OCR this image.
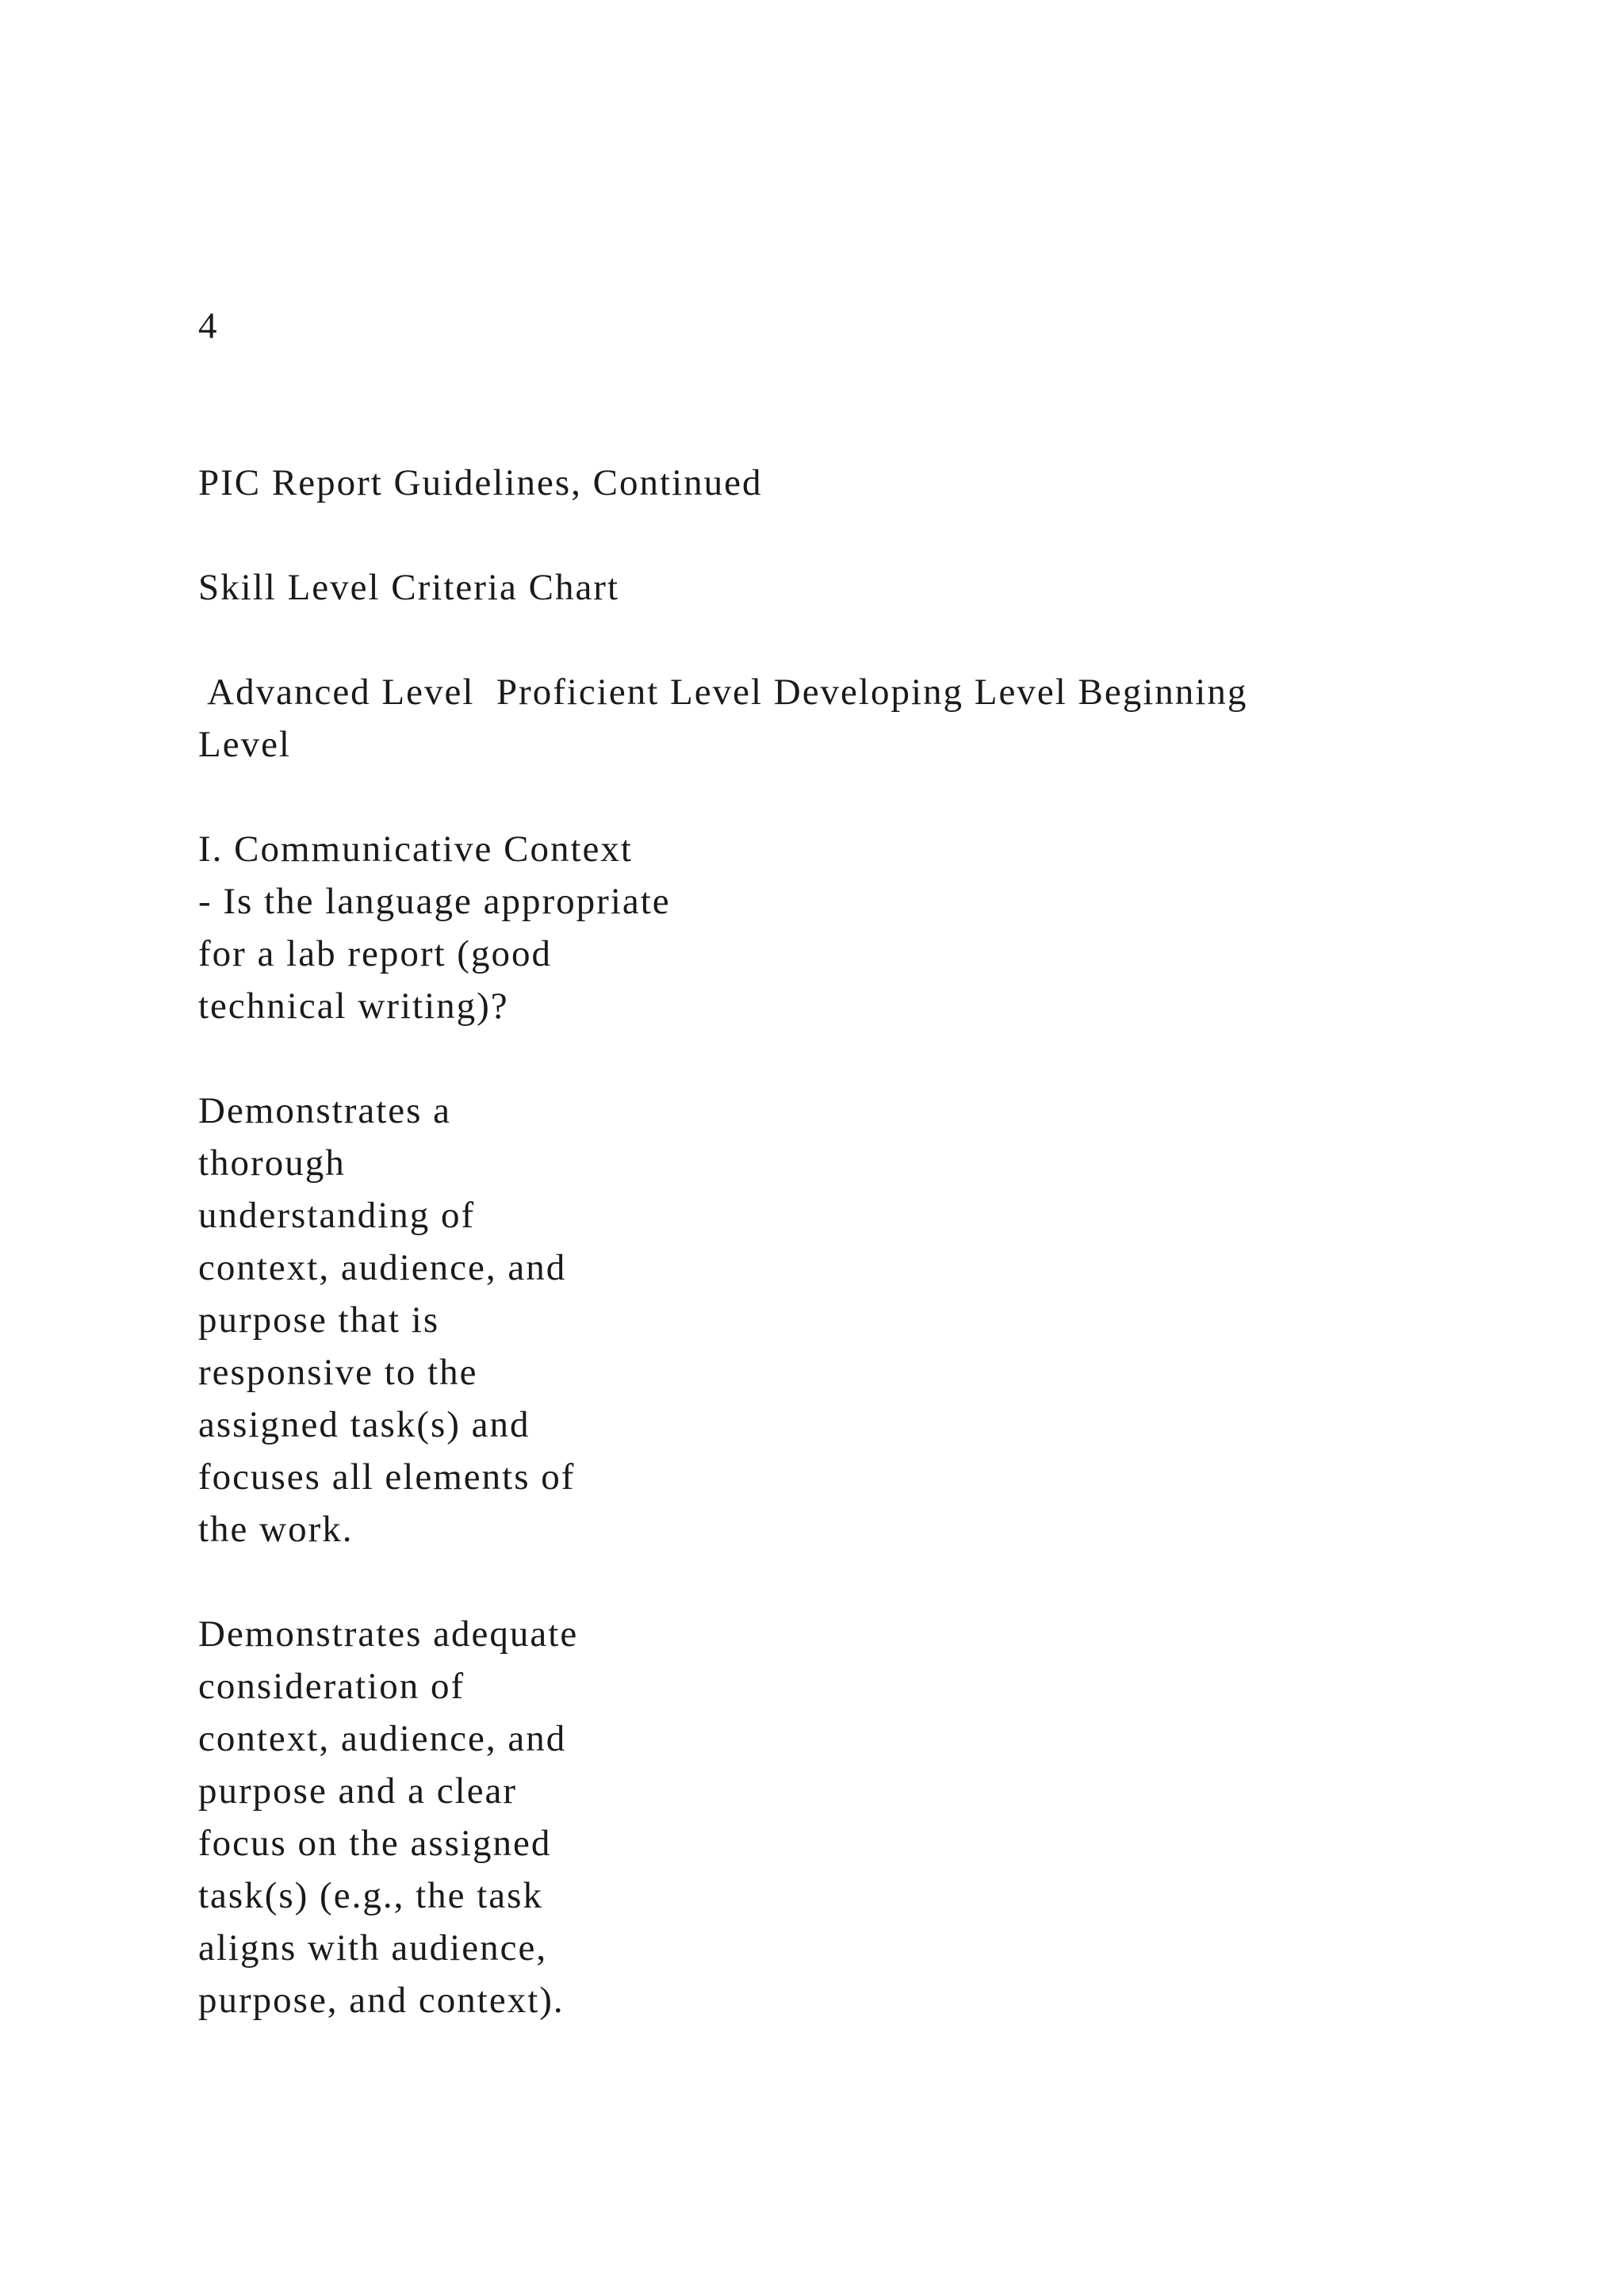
4
PIC Report Guidelines, Continued
Skill Level Criteria Chart
Advanced Level  Proficient Level Developing Level Beginning
Level
I. Communicative Context
- Is the language appropriate
for a lab report (good
technical writing)?
Demonstrates a
thorough
understanding of
context, audience, and
purpose that is
responsive to the
assigned task(s) and
focuses all elements of
the work.
Demonstrates adequate
consideration of
context, audience, and
purpose and a clear
focus on the assigned
task(s) (e.g., the task
aligns with audience,
purpose, and context).
